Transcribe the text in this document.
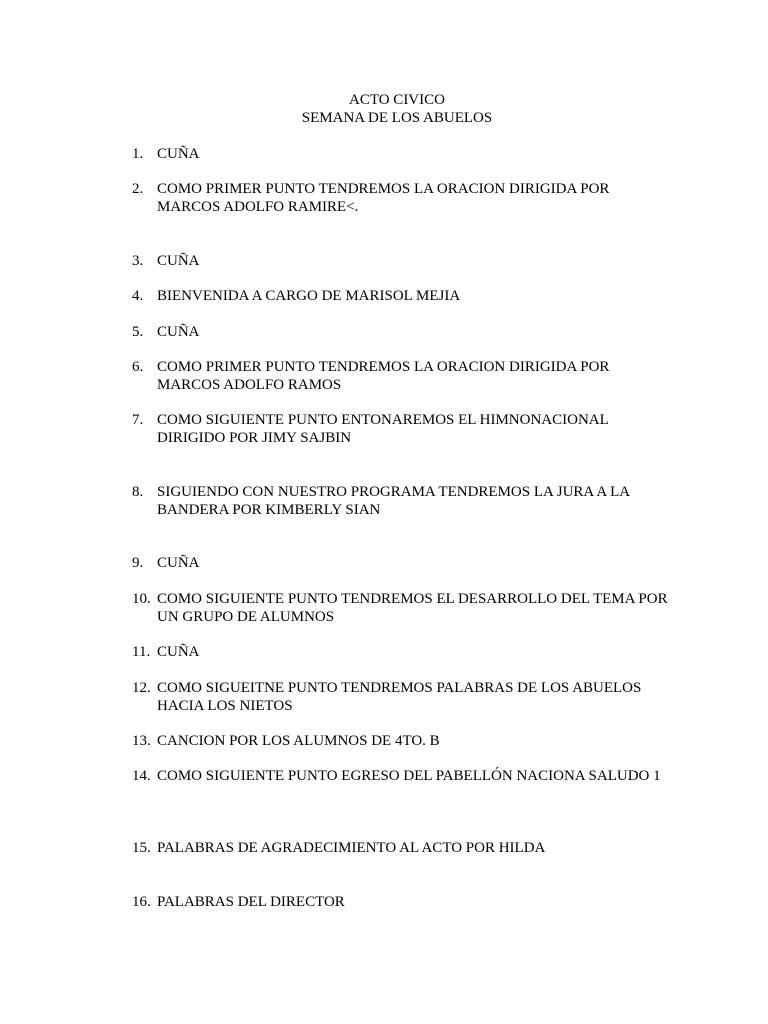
ACTO CIVICO
SEMANA DE LOS ABUELOS
1. CUÑA
2. COMO PRIMER PUNTO TENDREMOS LA ORACION DIRIGIDA POR MARCOS ADOLFO RAMIRE<.
3. CUÑA
4. BIENVENIDA A CARGO DE MARISOL MEJIA
5. CUÑA
6. COMO PRIMER PUNTO TENDREMOS LA ORACION DIRIGIDA POR MARCOS ADOLFO RAMOS
7. COMO SIGUIENTE PUNTO ENTONAREMOS EL HIMNONACIONAL DIRIGIDO POR JIMY SAJBIN
8. SIGUIENDO CON NUESTRO PROGRAMA TENDREMOS LA JURA A LA BANDERA POR KIMBERLY SIAN
9. CUÑA
10. COMO SIGUIENTE PUNTO TENDREMOS EL DESARROLLO DEL TEMA POR UN GRUPO DE ALUMNOS
11. CUÑA
12. COMO SIGUEITNE PUNTO TENDREMOS PALABRAS DE LOS ABUELOS HACIA LOS NIETOS
13. CANCION POR LOS ALUMNOS DE 4TO. B
14. COMO SIGUIENTE PUNTO EGRESO DEL PABELLÓN NACIONA SALUDO 1
15. PALABRAS DE AGRADECIMIENTO AL ACTO POR HILDA
16. PALABRAS DEL DIRECTOR
